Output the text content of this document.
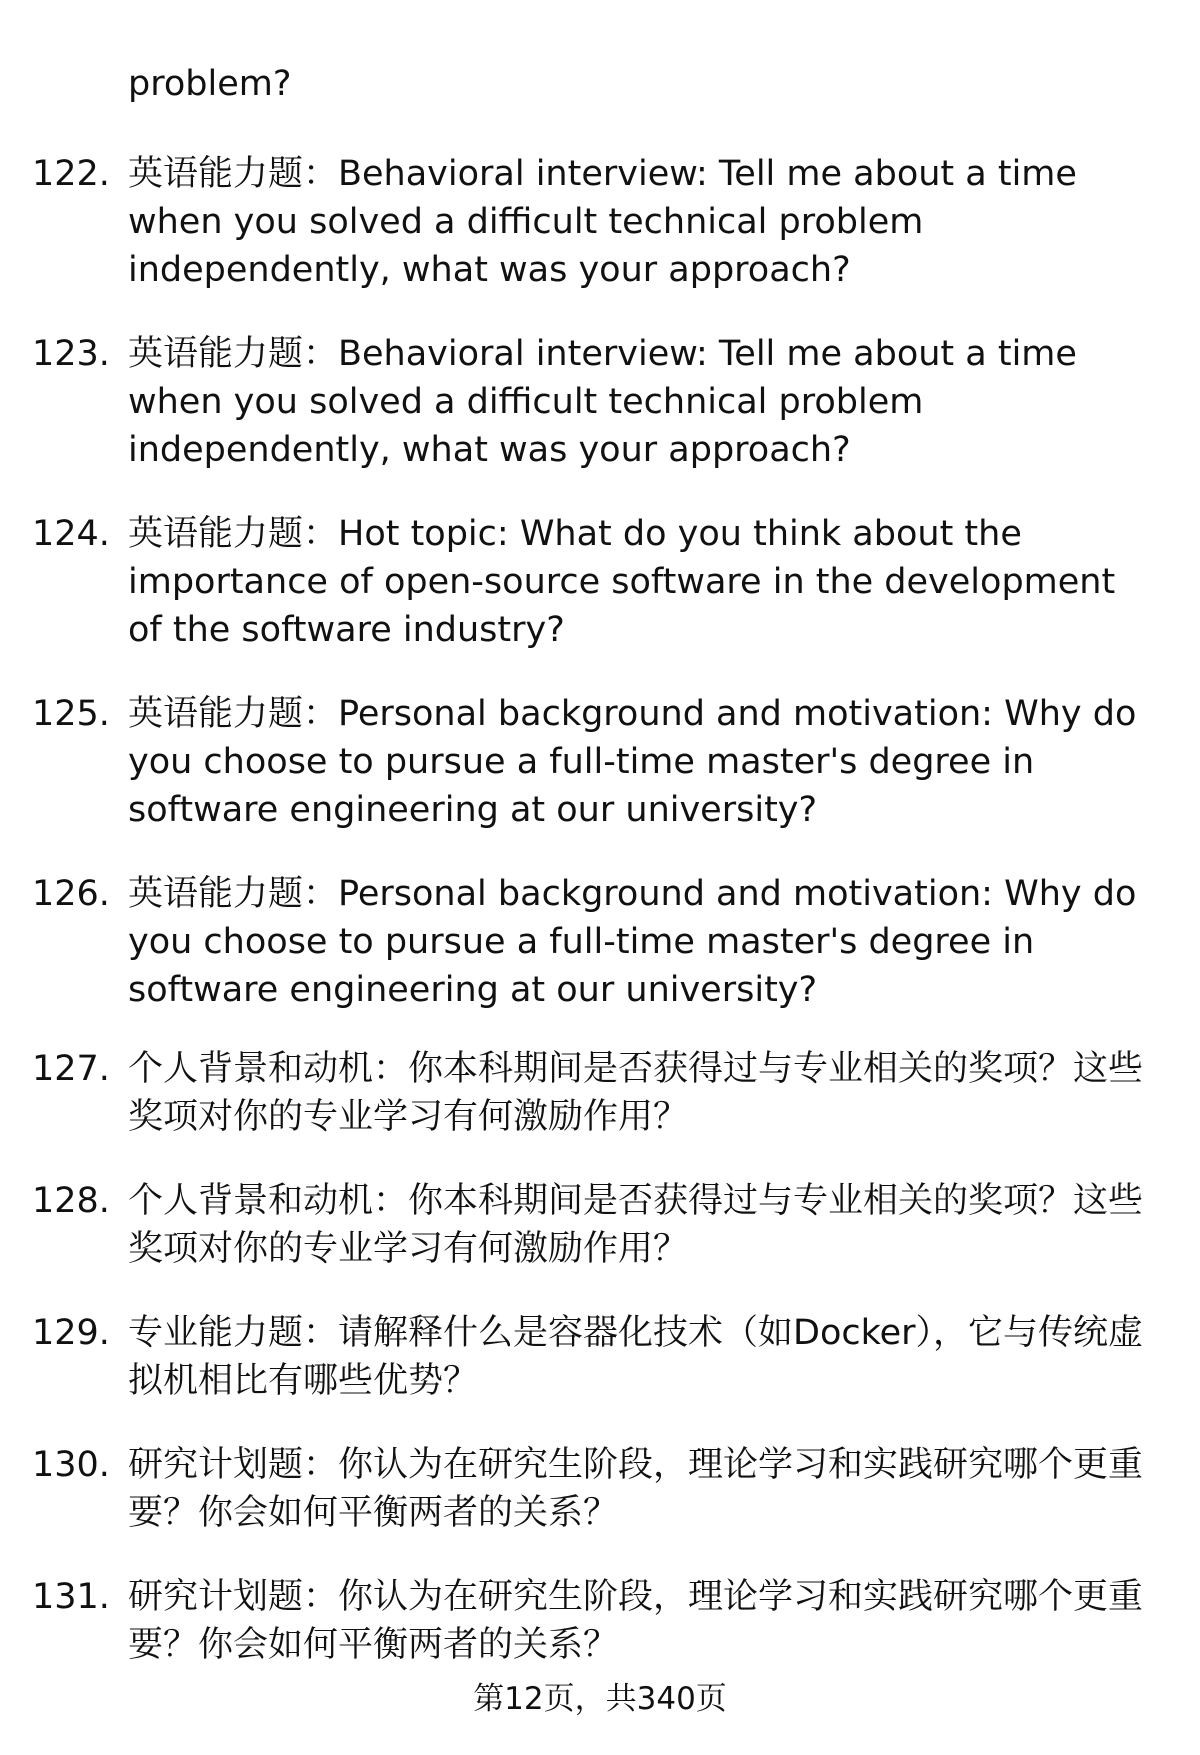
problem?
122. 英语能力题：Behavioral interview: Tell me about a time when you solved a difficult technical problem independently, what was your approach?
123. 英语能力题：Behavioral interview: Tell me about a time when you solved a difficult technical problem independently, what was your approach?
124. 英语能力题：Hot topic: What do you think about the importance of open-source software in the development of the software industry?
125. 英语能力题：Personal background and motivation: Why do you choose to pursue a full-time master's degree in software engineering at our university?
126. 英语能力题：Personal background and motivation: Why do you choose to pursue a full-time master's degree in software engineering at our university?
127. 个人背景和动机：你本科期间是否获得过与专业相关的奖项？这些奖项对你的专业学习有何激励作用？
128. 个人背景和动机：你本科期间是否获得过与专业相关的奖项？这些奖项对你的专业学习有何激励作用？
129. 专业能力题：请解释什么是容器化技术（如Docker），它与传统虚拟机相比有哪些优势？
130. 研究计划题：你认为在研究生阶段，理论学习和实践研究哪个更重要？你会如何平衡两者的关系？
131. 研究计划题：你认为在研究生阶段，理论学习和实践研究哪个更重要？你会如何平衡两者的关系？
第12页，共340页
